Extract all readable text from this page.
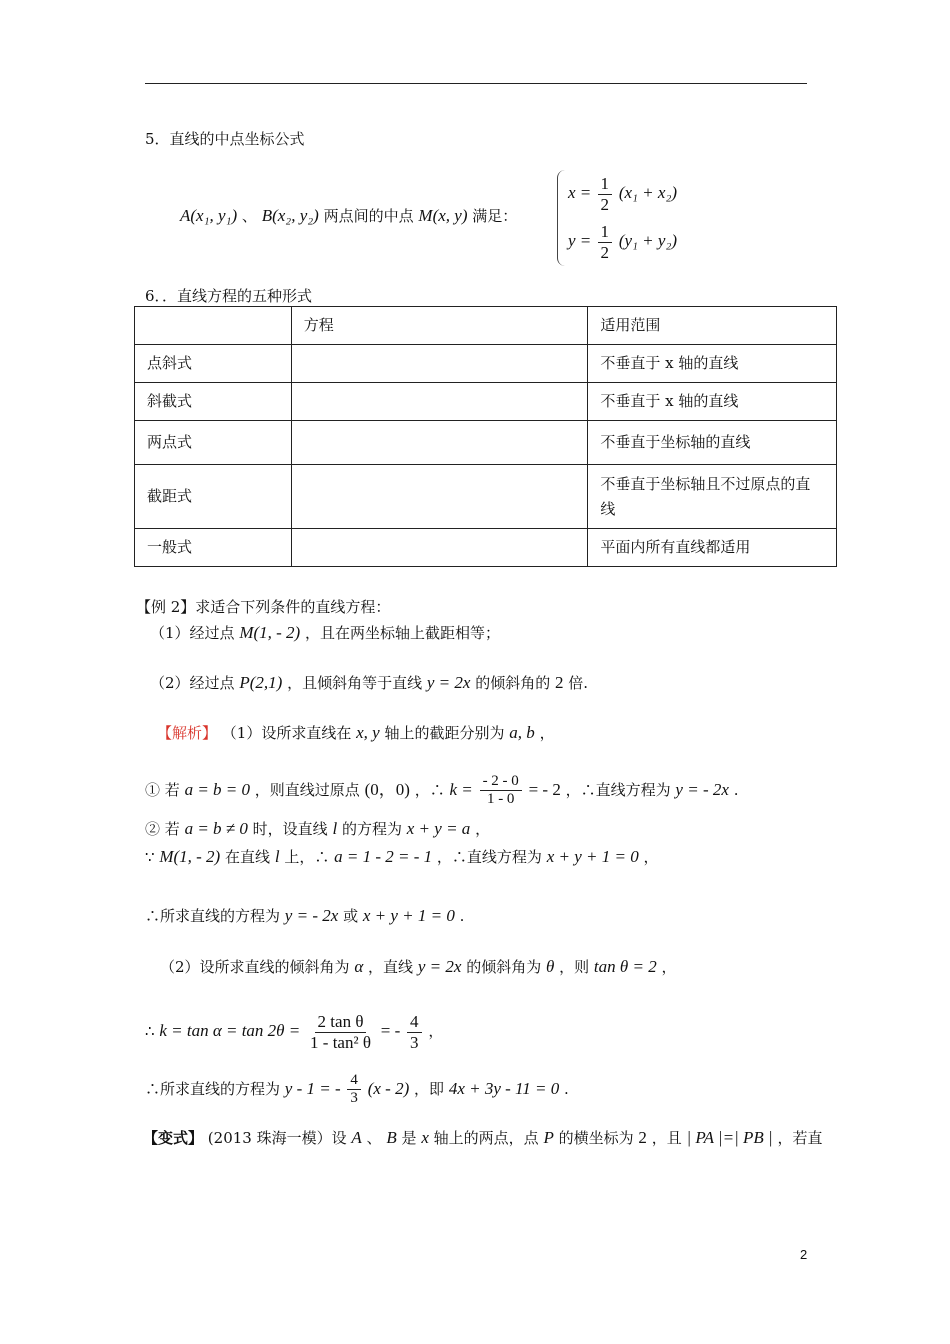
5．直线的中点坐标公式
A(x₁, y₁) 、 B(x₂, y₂) 两点间的中点 M(x, y) 满足：
$x = \frac{1}{2} (x_1 + x_2)$
$y = \frac{1}{2} (y_1 + y_2)$
6．．直线方程的五种形式
	方程	适用范围
点斜式		不垂直于 x 轴的直线
斜截式		不垂直于 x 轴的直线
两点式		不垂直于坐标轴的直线
截距式		不垂直于坐标轴且不过原点的直线
一般式		平面内所有直线都适用
【例 2】求适合下列条件的直线方程：
（1）经过点 M(1, - 2) ，且在两坐标轴上截距相等；
（2）经过点 P(2,1) ，且倾斜角等于直线 y = 2x 的倾斜角的 2 倍.
【解析】 （1）设所求直线在 x, y 轴上的截距分别为 a, b ，
① 若 a = b = 0 ，则直线过原点 (0，0) ，∴ $k = \frac{- 2 - 0}{1 - 0}$ = - 2 ，∴直线方程为 y = - 2x .
② 若 a = b ≠ 0 时，设直线 l 的方程为 x + y = a ，
∵ M(1, - 2) 在直线 l 上，∴ a = 1 - 2 = - 1 ，∴直线方程为 x + y + 1 = 0 ，
∴所求直线的方程为 y = - 2x 或 x + y + 1 = 0 .
（2）设所求直线的倾斜角为 α ，直线 y = 2x 的倾斜角为 θ ，则 tan θ = 2 ，
∴ $k = \tan \alpha = \tan 2\theta = \frac{\text{2 tan θ}}{\text{1 - tan² θ}}$ = - $\frac{4}{3}$ ，
∴所求直线的方程为 y - 1 = - $\frac{4}{3} (x - 2)$ ，即 4x + 3y - 11 = 0 .
【变式】 (2013 珠海一模）设 A 、 B 是 x 轴上的两点，点 P 的横坐标为 2 ，且 | PA |=| PB | ，若直
2
